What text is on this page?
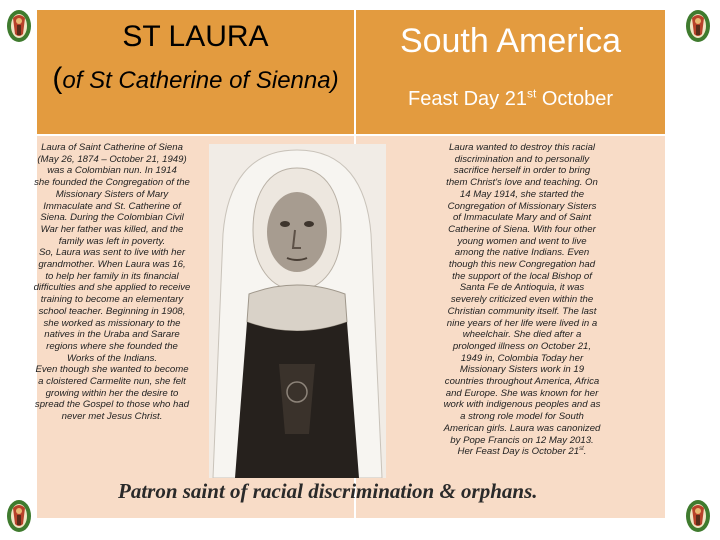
ST LAURA
(of St Catherine of Sienna)
South America
Feast Day 21st October
Laura of Saint Catherine of Siena
(May 26, 1874 – October 21, 1949)
was a Colombian nun. In 1914
she founded the Congregation of the
Missionary Sisters of Mary
Immaculate and St. Catherine of
Siena. During the Colombian Civil
War her father was killed, and the
family was left in poverty.
So, Laura was sent to live with her
grandmother. When Laura was 16,
to help her family in its financial
difficulties and she applied to receive
training to become an elementary
school teacher. Beginning in 1908,
she worked as missionary to the
natives in the Uraba and Sarare
regions where she founded the
Works of the Indians.
Even though she wanted to become
a cloistered Carmelite nun, she felt
growing within her the desire to
spread the Gospel to those who had
never met Jesus Christ.
Laura wanted to destroy this racial
discrimination and to personally
sacrifice herself in order to bring
them Christ's love and teaching. On
14 May 1914, she started the
Congregation of Missionary Sisters
of Immaculate Mary and of Saint
Catherine of Siena. With four other
young women and went to live
among the native Indians. Even
though this new Congregation had
the support of the local Bishop of
Santa Fe de Antioquia, it was
severely criticized even within the
Christian community itself. The last
nine years of her life were lived in a
wheelchair. She died after a
prolonged illness on October 21,
1949 in, Colombia Today her
Missionary Sisters work in 19
countries throughout America, Africa
and Europe. She was known for her
work with indigenous peoples and as
a strong role model for South
American girls. Laura was canonized
by Pope Francis on 12 May 2013.
Her Feast Day is October 21st.
Patron saint of racial discrimination & orphans.
